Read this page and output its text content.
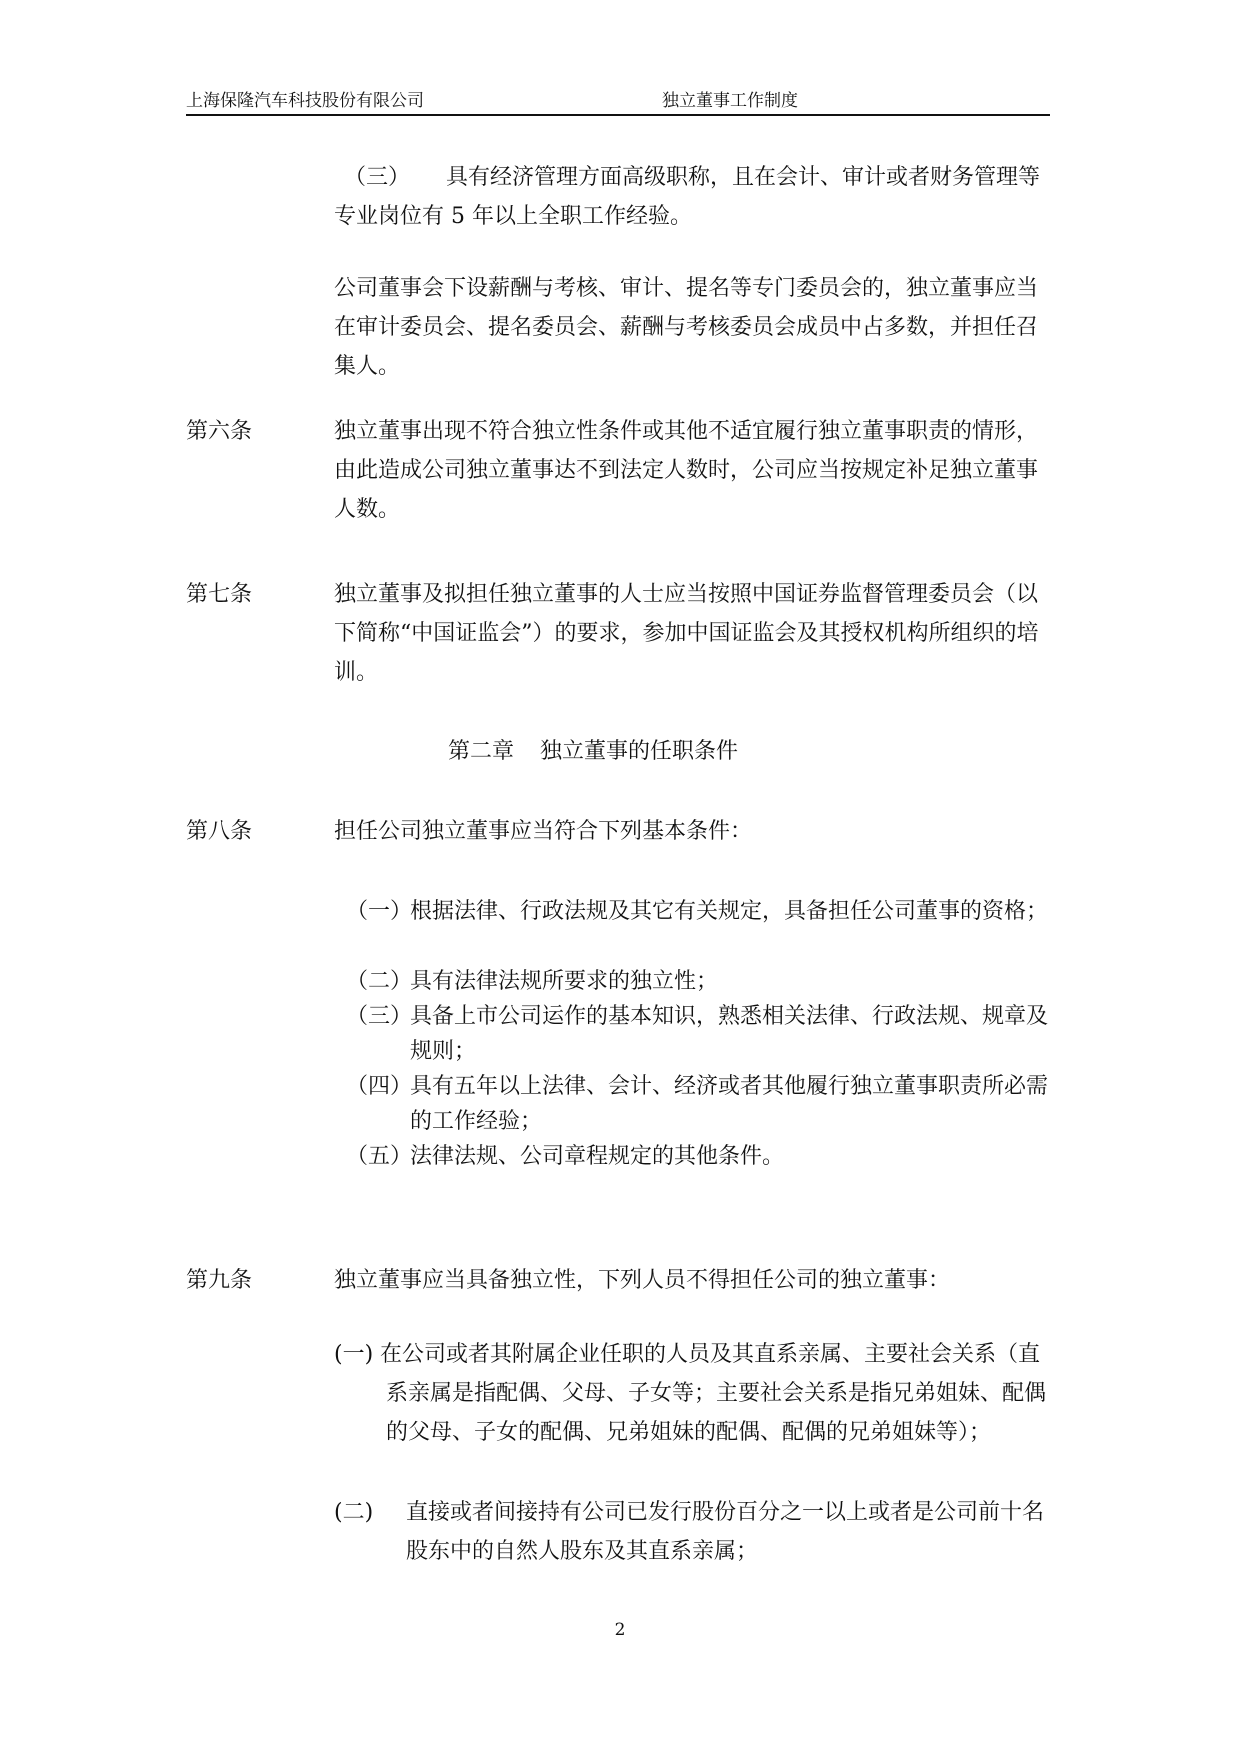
上海保隆汽车科技股份有限公司	独立董事工作制度
（三）	具有经济管理方面高级职称，且在会计、审计或者财务管理等专业岗位有 5 年以上全职工作经验。

公司董事会下设薪酬与考核、审计、提名等专门委员会的，独立董事应当在审计委员会、提名委员会、薪酬与考核委员会成员中占多数，并担任召集人。

第六条	独立董事出现不符合独立性条件或其他不适宜履行独立董事职责的情形，由此造成公司独立董事达不到法定人数时，公司应当按规定补足独立董事人数。

第七条	独立董事及拟担任独立董事的人士应当按照中国证券监督管理委员会（以下简称“中国证监会”）的要求，参加中国证监会及其授权机构所组织的培训。

第二章 独立董事的任职条件
第八条	担任公司独立董事应当符合下列基本条件：

（一）
根据法律、行政法规及其它有关规定，具备担任公司董事的资格；
（二）
具有法律法规所要求的独立性；
（三）
具备上市公司运作的基本知识，熟悉相关法律、行政法规、规章及规则；
（四）
具有五年以上法律、会计、经济或者其他履行独立董事职责所必需的工作经验；
（五）
法律法规、公司章程规定的其他条件。
第九条	独立董事应当具备独立性，下列人员不得担任公司的独立董事：

(一) 在公司或者其附属企业任职的人员及其直系亲属、主要社会关系（直系亲属是指配偶、父母、子女等；主要社会关系是指兄弟姐妹、配偶的父母、子女的配偶、兄弟姐妹的配偶、配偶的兄弟姐妹等）；
(二)	直接或者间接持有公司已发行股份百分之一以上或者是公司前十名股东中的自然人股东及其直系亲属；
2
